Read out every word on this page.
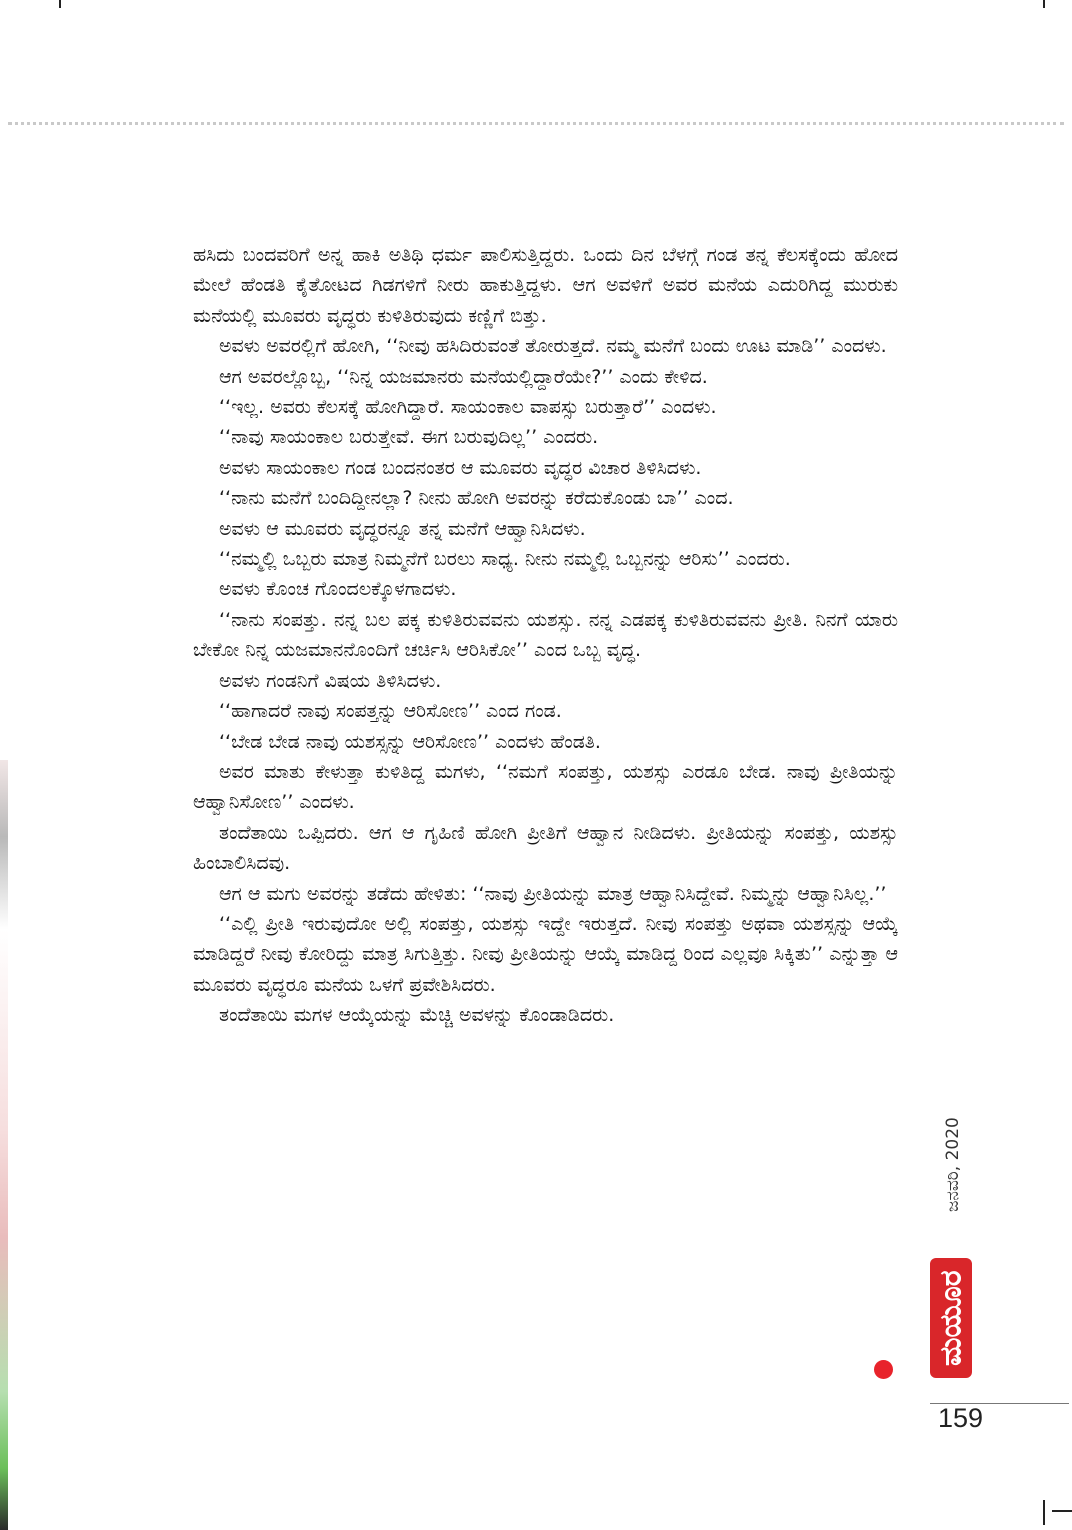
ಹಸಿದು ಬಂದವರಿಗೆ ಅನ್ನ ಹಾಕಿ ಅತಿಥಿ ಧರ್ಮ ಪಾಲಿಸುತ್ತಿದ್ದರು. ಒಂದು ದಿನ ಬೆಳಗ್ಗೆ ಗಂಡ ತನ್ನ ಕೆಲಸಕ್ಕೆಂದು ಹೋದ ಮೇಲೆ ಹೆಂಡತಿ ಕೈತೋಟದ ಗಿಡಗಳಿಗೆ ನೀರು ಹಾಕುತ್ತಿದ್ದಳು. ಆಗ ಅವಳಿಗೆ ಅವರ ಮನೆಯ ಎದುರಿಗಿದ್ದ ಮುರುಕು ಮನೆಯಲ್ಲಿ ಮೂವರು ವೃದ್ಧರು ಕುಳಿತಿರುವುದು ಕಣ್ಣಿಗೆ ಬಿತ್ತು.

ಅವಳು ಅವರಲ್ಲಿಗೆ ಹೋಗಿ, ‘‘ನೀವು ಹಸಿದಿರುವಂತೆ ತೋರುತ್ತದೆ. ನಮ್ಮ ಮನೆಗೆ ಬಂದು ಊಟ ಮಾಡಿ’’ ಎಂದಳು.

ಆಗ ಅವರಲ್ಲೊಬ್ಬ, ‘‘ನಿನ್ನ ಯಜಮಾನರು ಮನೆಯಲ್ಲಿದ್ದಾರೆಯೇ?’’ ಎಂದು ಕೇಳಿದ.

‘‘ಇಲ್ಲ. ಅವರು ಕೆಲಸಕ್ಕೆ ಹೋಗಿದ್ದಾರೆ. ಸಾಯಂಕಾಲ ವಾಪಸ್ಸು ಬರುತ್ತಾರೆ’’ ಎಂದಳು.

‘‘ನಾವು ಸಾಯಂಕಾಲ ಬರುತ್ತೇವೆ. ಈಗ ಬರುವುದಿಲ್ಲ’’ ಎಂದರು.

ಅವಳು ಸಾಯಂಕಾಲ ಗಂಡ ಬಂದನಂತರ ಆ ಮೂವರು ವೃದ್ಧರ ವಿಚಾರ ತಿಳಿಸಿದಳು.

‘‘ನಾನು ಮನೆಗೆ ಬಂದಿದ್ದೀನಲ್ಲಾ? ನೀನು ಹೋಗಿ ಅವರನ್ನು ಕರೆದುಕೊಂಡು ಬಾ’’ ಎಂದ.

ಅವಳು ಆ ಮೂವರು ವೃದ್ಧರನ್ನೂ ತನ್ನ ಮನೆಗೆ ಆಹ್ವಾನಿಸಿದಳು.

‘‘ನಮ್ಮಲ್ಲಿ ಒಬ್ಬರು ಮಾತ್ರ ನಿಮ್ಮನೆಗೆ ಬರಲು ಸಾಧ್ಯ. ನೀನು ನಮ್ಮಲ್ಲಿ ಒಬ್ಬನನ್ನು ಆರಿಸು’’ ಎಂದರು.

ಅವಳು ಕೊಂಚ ಗೊಂದಲಕ್ಕೊಳಗಾದಳು.

‘‘ನಾನು ಸಂಪತ್ತು. ನನ್ನ ಬಲ ಪಕ್ಕ ಕುಳಿತಿರುವವನು ಯಶಸ್ಸು. ನನ್ನ ಎಡಪಕ್ಕ ಕುಳಿತಿರುವವನು ಪ್ರೀತಿ. ನಿನಗೆ ಯಾರು ಬೇಕೋ ನಿನ್ನ ಯಜಮಾನನೊಂದಿಗೆ ಚರ್ಚಿಸಿ ಆರಿಸಿಕೋ’’ ಎಂದ ಒಬ್ಬ ವೃದ್ಧ.

ಅವಳು ಗಂಡನಿಗೆ ವಿಷಯ ತಿಳಿಸಿದಳು.

‘‘ಹಾಗಾದರೆ ನಾವು ಸಂಪತ್ತನ್ನು ಆರಿಸೋಣ’’ ಎಂದ ಗಂಡ.

‘‘ಬೇಡ ಬೇಡ ನಾವು ಯಶಸ್ಸನ್ನು ಆರಿಸೋಣ’’ ಎಂದಳು ಹೆಂಡತಿ.

ಅವರ ಮಾತು ಕೇಳುತ್ತಾ ಕುಳಿತಿದ್ದ ಮಗಳು, ‘‘ನಮಗೆ ಸಂಪತ್ತು, ಯಶಸ್ಸು ಎರಡೂ ಬೇಡ. ನಾವು ಪ್ರೀತಿಯನ್ನು ಆಹ್ವಾನಿಸೋಣ’’ ಎಂದಳು.

ತಂದೆತಾಯಿ ಒಪ್ಪಿದರು. ಆಗ ಆ ಗೃಹಿಣಿ ಹೋಗಿ ಪ್ರೀತಿಗೆ ಆಹ್ವಾನ ನೀಡಿದಳು. ಪ್ರೀತಿಯನ್ನು ಸಂಪತ್ತು, ಯಶಸ್ಸು ಹಿಂಬಾಲಿಸಿದವು.

ಆಗ ಆ ಮಗು ಅವರನ್ನು ತಡೆದು ಹೇಳಿತು: ‘‘ನಾವು ಪ್ರೀತಿಯನ್ನು ಮಾತ್ರ ಆಹ್ವಾನಿಸಿದ್ದೇವೆ. ನಿಮ್ಮನ್ನು ಆಹ್ವಾನಿಸಿಲ್ಲ.’’

‘‘ಎಲ್ಲಿ ಪ್ರೀತಿ ಇರುವುದೋ ಅಲ್ಲಿ ಸಂಪತ್ತು, ಯಶಸ್ಸು ಇದ್ದೇ ಇರುತ್ತದೆ. ನೀವು ಸಂಪತ್ತು ಅಥವಾ ಯಶಸ್ಸನ್ನು ಆಯ್ಕೆ ಮಾಡಿದ್ದರೆ ನೀವು ಕೋರಿದ್ದು ಮಾತ್ರ ಸಿಗುತ್ತಿತ್ತು. ನೀವು ಪ್ರೀತಿಯನ್ನು ಆಯ್ಕೆ ಮಾಡಿದ್ದ ರಿಂದ ಎಲ್ಲವೂ ಸಿಕ್ಕಿತು’’ ಎನ್ನುತ್ತಾ ಆ ಮೂವರು ವೃದ್ಧರೂ ಮನೆಯ ಒಳಗೆ ಪ್ರವೇಶಿಸಿದರು.

ತಂದೆತಾಯಿ ಮಗಳ ಆಯ್ಕೆಯನ್ನು ಮೆಚ್ಚಿ ಅವಳನ್ನು ಕೊಂಡಾಡಿದರು.

ಜನವರಿ, 2020
ಮಯೂರ
159
